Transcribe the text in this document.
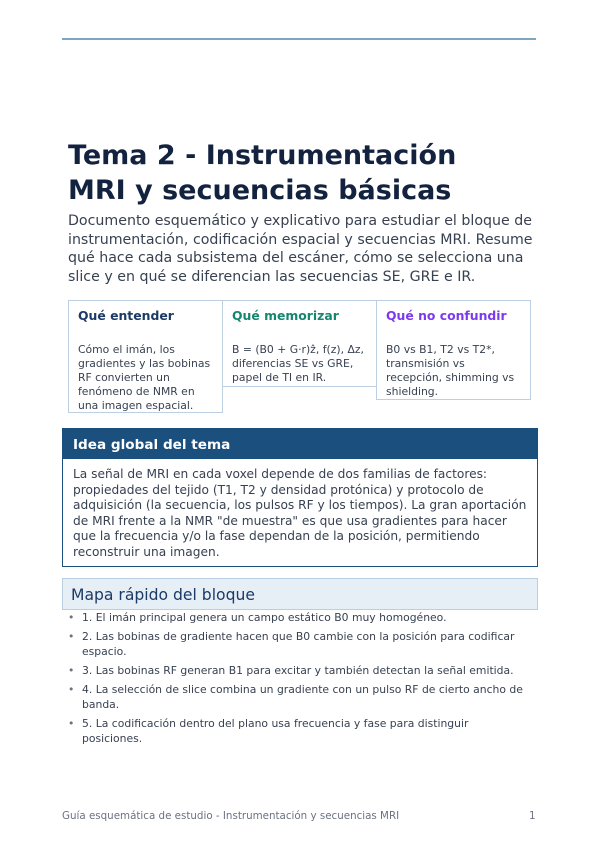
Tema 2 - Instrumentación
MRI y secuencias básicas

Documento esquemático y explicativo para estudiar el bloque de instrumentación, codificación espacial y secuencias MRI. Resume qué hace cada subsistema del escáner, cómo se selecciona una slice y en qué se diferencian las secuencias SE, GRE e IR.

Qué entender

Cómo el imán, los gradientes y las bobinas RF convierten un fenómeno de NMR en una imagen espacial.

Qué memorizar

B = (B0 + G·r)ẑ, f(z), Δz, diferencias SE vs GRE, papel de TI en IR.

Qué no confundir

B0 vs B1, T2 vs T2*, transmisión vs recepción, shimming vs shielding.

Idea global del tema
La señal de MRI en cada voxel depende de dos familias de factores: propiedades del tejido (T1, T2 y densidad protónica) y protocolo de adquisición (la secuencia, los pulsos RF y los tiempos). La gran aportación de MRI frente a la NMR "de muestra" es que usa gradientes para hacer que la frecuencia y/o la fase dependan de la posición, permitiendo reconstruir una imagen.
Mapa rápido del bloque
• 1. El imán principal genera un campo estático B0 muy homogéneo.
• 2. Las bobinas de gradiente hacen que B0 cambie con la posición para codificar espacio.
• 3. Las bobinas RF generan B1 para excitar y también detectan la señal emitida.
• 4. La selección de slice combina un gradiente con un pulso RF de cierto ancho de banda.
• 5. La codificación dentro del plano usa frecuencia y fase para distinguir posiciones.
Guía esquemática de estudio - Instrumentación y secuencias MRI	1
